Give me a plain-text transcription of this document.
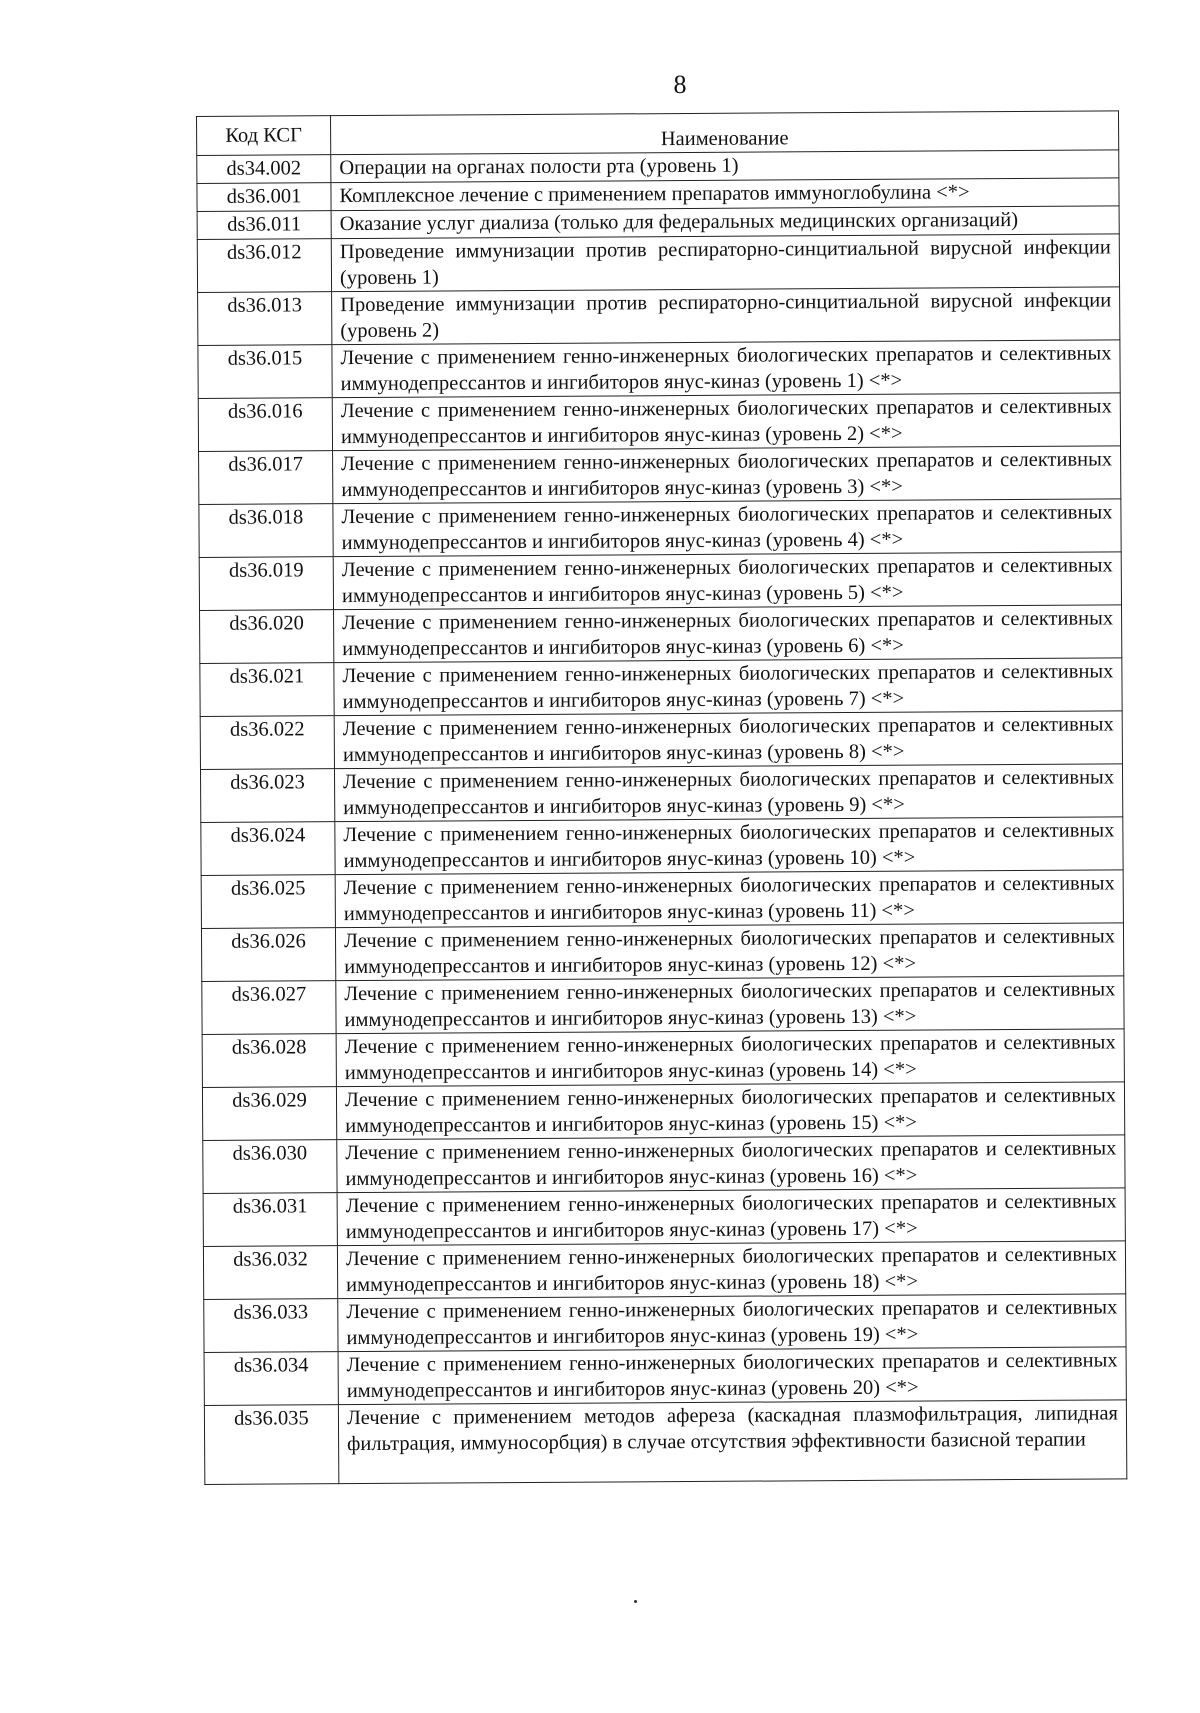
8
Код КСГ	Наименование
ds34.002	Операции на органах полости рта (уровень 1)
ds36.001	Комплексное лечение с применением препаратов иммуноглобулина <*>
ds36.011	Оказание услуг диализа (только для федеральных медицинских организаций)
ds36.012	Проведение иммунизации против респираторно-синцитиальной вирусной инфекции (уровень 1)
ds36.013	Проведение иммунизации против респираторно-синцитиальной вирусной инфекции (уровень 2)
ds36.015	Лечение с применением генно-инженерных биологических препаратов и селективных иммунодепрессантов и ингибиторов янус-киназ (уровень 1) <*>
ds36.016	Лечение с применением генно-инженерных биологических препаратов и селективных иммунодепрессантов и ингибиторов янус-киназ (уровень 2) <*>
ds36.017	Лечение с применением генно-инженерных биологических препаратов и селективных иммунодепрессантов и ингибиторов янус-киназ (уровень 3) <*>
ds36.018	Лечение с применением генно-инженерных биологических препаратов и селективных иммунодепрессантов и ингибиторов янус-киназ (уровень 4) <*>
ds36.019	Лечение с применением генно-инженерных биологических препаратов и селективных иммунодепрессантов и ингибиторов янус-киназ (уровень 5) <*>
ds36.020	Лечение с применением генно-инженерных биологических препаратов и селективных иммунодепрессантов и ингибиторов янус-киназ (уровень 6) <*>
ds36.021	Лечение с применением генно-инженерных биологических препаратов и селективных иммунодепрессантов и ингибиторов янус-киназ (уровень 7) <*>
ds36.022	Лечение с применением генно-инженерных биологических препаратов и селективных иммунодепрессантов и ингибиторов янус-киназ (уровень 8) <*>
ds36.023	Лечение с применением генно-инженерных биологических препаратов и селективных иммунодепрессантов и ингибиторов янус-киназ (уровень 9) <*>
ds36.024	Лечение с применением генно-инженерных биологических препаратов и селективных иммунодепрессантов и ингибиторов янус-киназ (уровень 10) <*>
ds36.025	Лечение с применением генно-инженерных биологических препаратов и селективных иммунодепрессантов и ингибиторов янус-киназ (уровень 11) <*>
ds36.026	Лечение с применением генно-инженерных биологических препаратов и селективных иммунодепрессантов и ингибиторов янус-киназ (уровень 12) <*>
ds36.027	Лечение с применением генно-инженерных биологических препаратов и селективных иммунодепрессантов и ингибиторов янус-киназ (уровень 13) <*>
ds36.028	Лечение с применением генно-инженерных биологических препаратов и селективных иммунодепрессантов и ингибиторов янус-киназ (уровень 14) <*>
ds36.029	Лечение с применением генно-инженерных биологических препаратов и селективных иммунодепрессантов и ингибиторов янус-киназ (уровень 15) <*>
ds36.030	Лечение с применением генно-инженерных биологических препаратов и селективных иммунодепрессантов и ингибиторов янус-киназ (уровень 16) <*>
ds36.031	Лечение с применением генно-инженерных биологических препаратов и селективных иммунодепрессантов и ингибиторов янус-киназ (уровень 17) <*>
ds36.032	Лечение с применением генно-инженерных биологических препаратов и селективных иммунодепрессантов и ингибиторов янус-киназ (уровень 18) <*>
ds36.033	Лечение с применением генно-инженерных биологических препаратов и селективных иммунодепрессантов и ингибиторов янус-киназ (уровень 19) <*>
ds36.034	Лечение с применением генно-инженерных биологических препаратов и селективных иммунодепрессантов и ингибиторов янус-киназ (уровень 20) <*>
ds36.035	Лечение с применением методов афереза (каскадная плазмофильтрация, липидная фильтрация, иммуносорбция) в случае отсутствия эффективности базисной терапии
